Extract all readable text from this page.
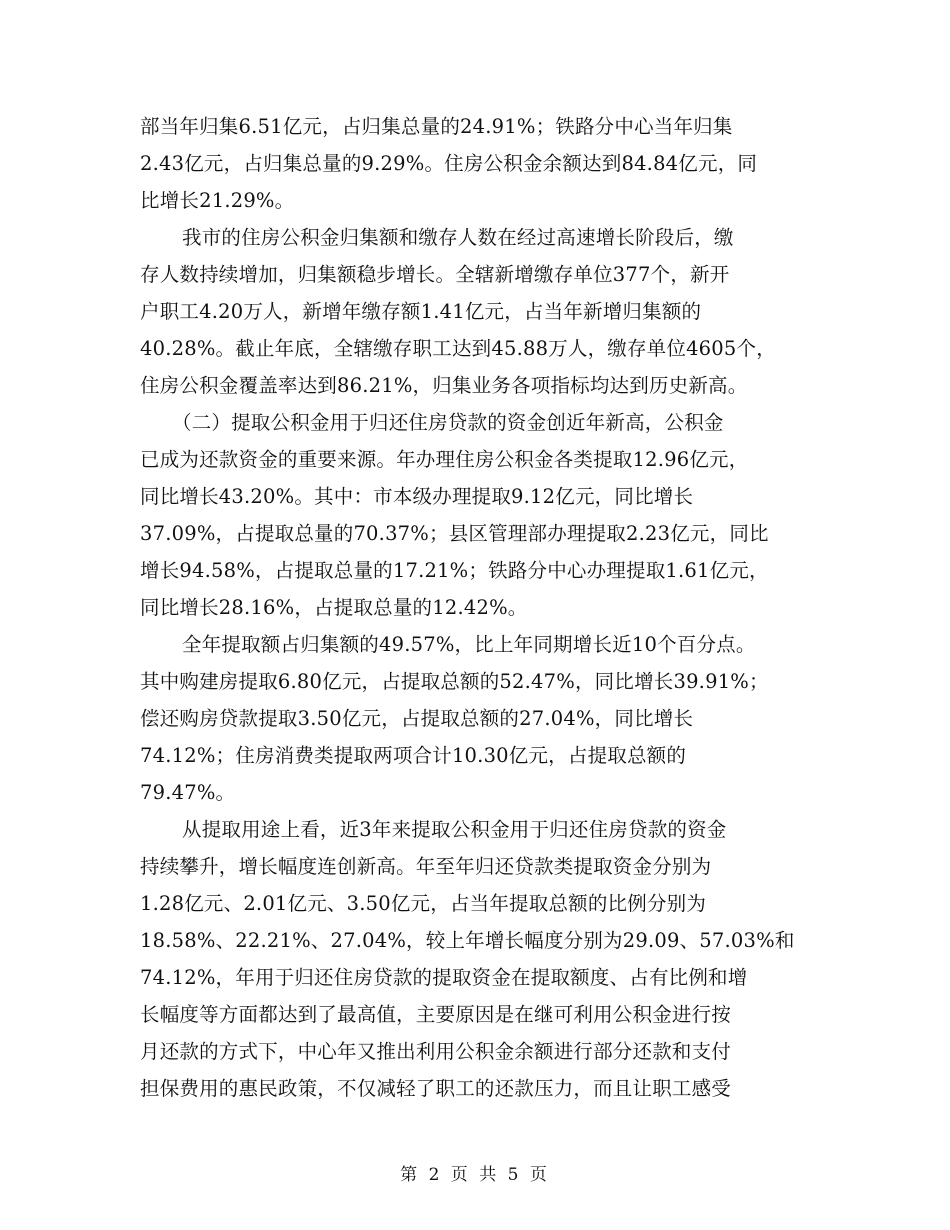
部当年归集6.51亿元，占归集总量的24.91%；铁路分中心当年归集
2.43亿元，占归集总量的9.29%。住房公积金余额达到84.84亿元，同
比增长21.29%。
我市的住房公积金归集额和缴存人数在经过高速增长阶段后，缴
存人数持续增加，归集额稳步增长。全辖新增缴存单位377个，新开
户职工4.20万人，新增年缴存额1.41亿元，占当年新增归集额的
40.28%。截止年底，全辖缴存职工达到45.88万人，缴存单位4605个，
住房公积金覆盖率达到86.21%，归集业务各项指标均达到历史新高。
（二）提取公积金用于归还住房贷款的资金创近年新高，公积金
已成为还款资金的重要来源。年办理住房公积金各类提取12.96亿元，
同比增长43.20%。其中：市本级办理提取9.12亿元，同比增长
37.09%，占提取总量的70.37%；县区管理部办理提取2.23亿元，同比
增长94.58%，占提取总量的17.21%；铁路分中心办理提取1.61亿元，
同比增长28.16%，占提取总量的12.42%。
全年提取额占归集额的49.57%，比上年同期增长近10个百分点。
其中购建房提取6.80亿元，占提取总额的52.47%，同比增长39.91%；
偿还购房贷款提取3.50亿元，占提取总额的27.04%，同比增长
74.12%；住房消费类提取两项合计10.30亿元，占提取总额的
79.47%。
从提取用途上看，近3年来提取公积金用于归还住房贷款的资金
持续攀升，增长幅度连创新高。年至年归还贷款类提取资金分别为
1.28亿元、2.01亿元、3.50亿元，占当年提取总额的比例分别为
18.58%、22.21%、27.04%，较上年增长幅度分别为29.09、57.03%和
74.12%，年用于归还住房贷款的提取资金在提取额度、占有比例和增
长幅度等方面都达到了最高值，主要原因是在继可利用公积金进行按
月还款的方式下，中心年又推出利用公积金余额进行部分还款和支付
担保费用的惠民政策，不仅减轻了职工的还款压力，而且让职工感受
第 2 页 共 5 页
